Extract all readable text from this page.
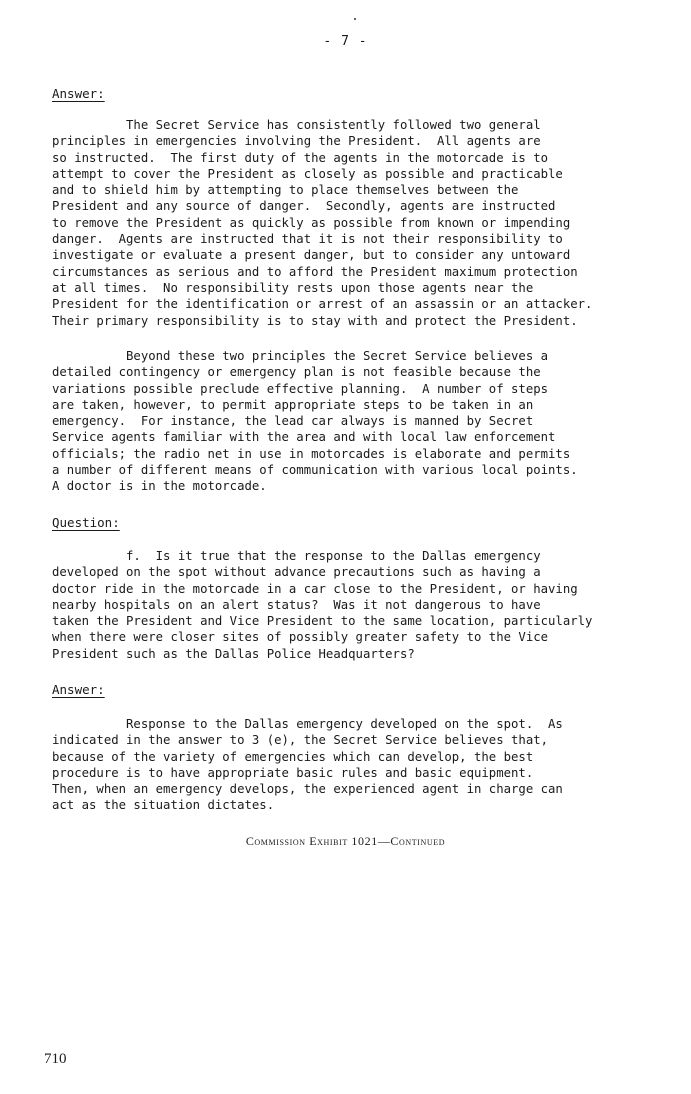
- 7 -
Answer:
The Secret Service has consistently followed two general
principles in emergencies involving the President.  All agents are
so instructed.  The first duty of the agents in the motorcade is to
attempt to cover the President as closely as possible and practicable
and to shield him by attempting to place themselves between the
President and any source of danger.  Secondly, agents are instructed
to remove the President as quickly as possible from known or impending
danger.  Agents are instructed that it is not their responsibility to
investigate or evaluate a present danger, but to consider any untoward
circumstances as serious and to afford the President maximum protection
at all times.  No responsibility rests upon those agents near the
President for the identification or arrest of an assassin or an attacker.
Their primary responsibility is to stay with and protect the President.
Beyond these two principles the Secret Service believes a
detailed contingency or emergency plan is not feasible because the
variations possible preclude effective planning.  A number of steps
are taken, however, to permit appropriate steps to be taken in an
emergency.  For instance, the lead car always is manned by Secret
Service agents familiar with the area and with local law enforcement
officials; the radio net in use in motorcades is elaborate and permits
a number of different means of communication with various local points.
A doctor is in the motorcade.
Question:
f.  Is it true that the response to the Dallas emergency
developed on the spot without advance precautions such as having a
doctor ride in the motorcade in a car close to the President, or having
nearby hospitals on an alert status?  Was it not dangerous to have
taken the President and Vice President to the same location, particularly
when there were closer sites of possibly greater safety to the Vice
President such as the Dallas Police Headquarters?
Answer:
Response to the Dallas emergency developed on the spot.  As
indicated in the answer to 3 (e), the Secret Service believes that,
because of the variety of emergencies which can develop, the best
procedure is to have appropriate basic rules and basic equipment.
Then, when an emergency develops, the experienced agent in charge can
act as the situation dictates.
Commission Exhibit 1021—Continued
710
